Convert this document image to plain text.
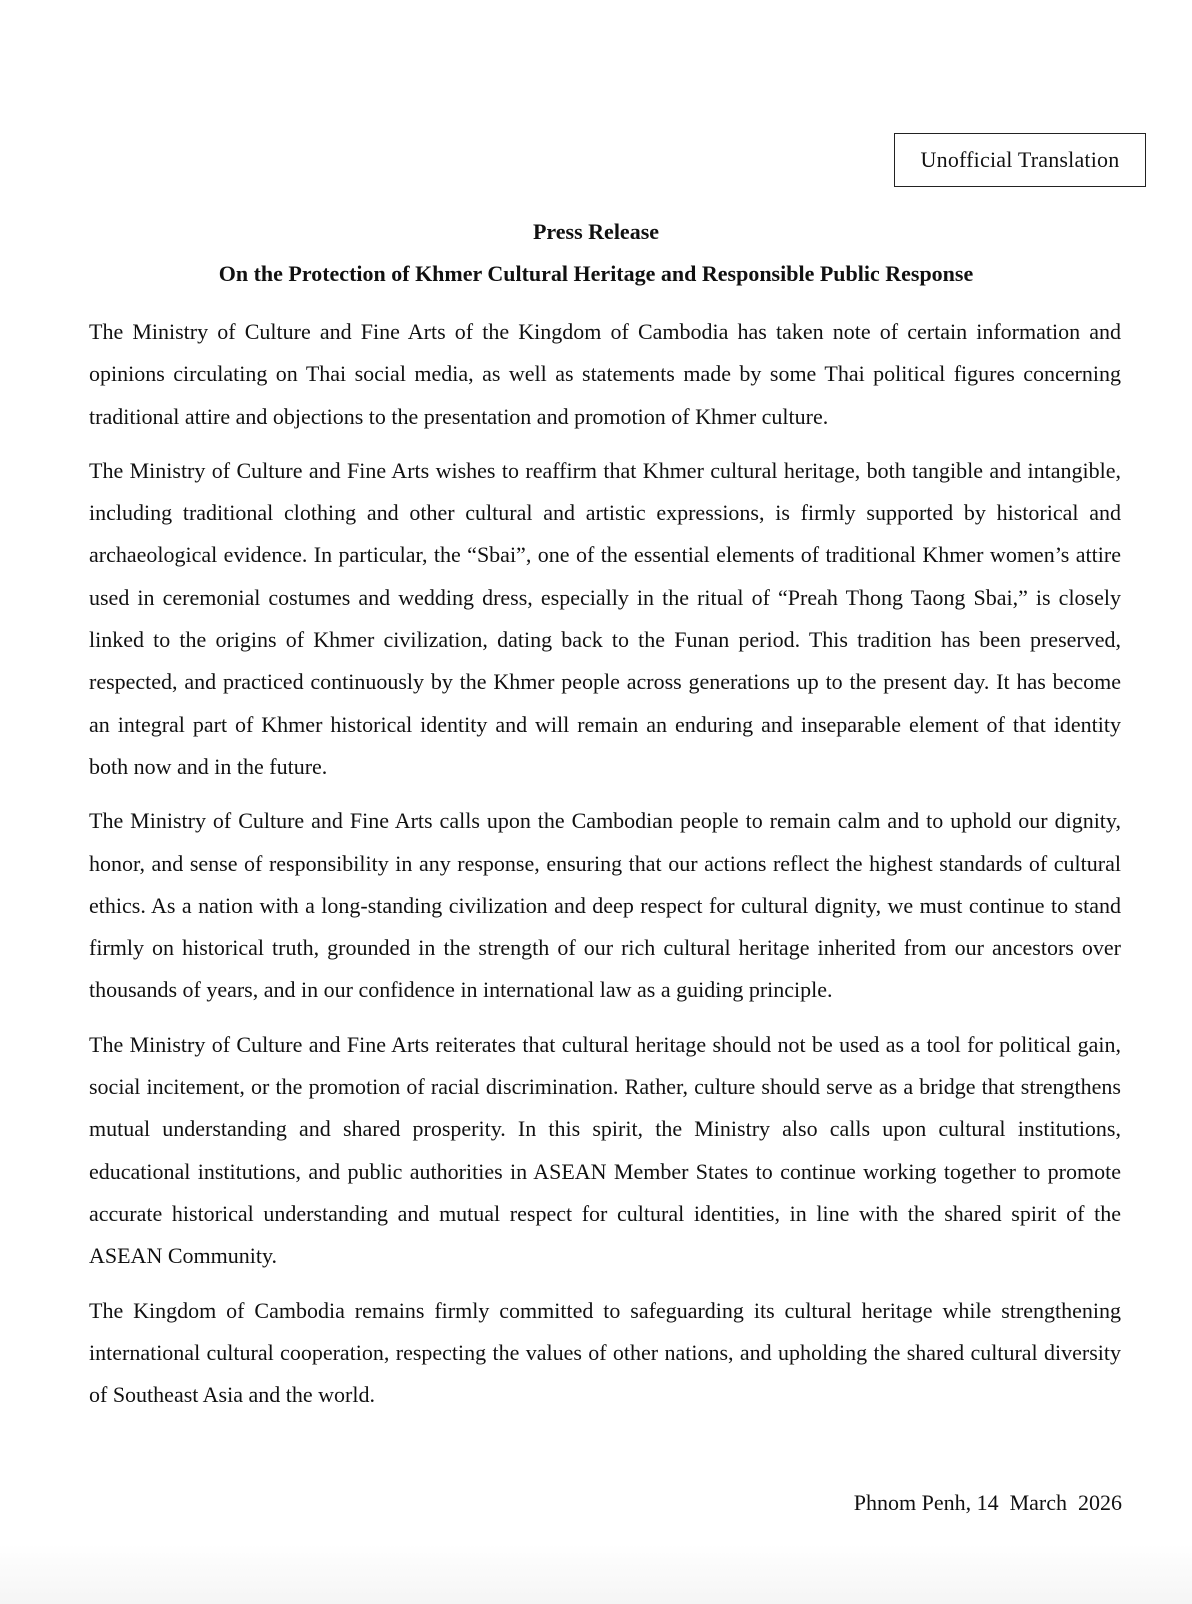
Unofficial Translation
Press Release
On the Protection of Khmer Cultural Heritage and Responsible Public Response

The Ministry of Culture and Fine Arts of the Kingdom of Cambodia has taken note of certain information and opinions circulating on Thai social media, as well as statements made by some Thai political figures concerning traditional attire and objections to the presentation and promotion of Khmer culture.

The Ministry of Culture and Fine Arts wishes to reaffirm that Khmer cultural heritage, both tangible and intangible, including traditional clothing and other cultural and artistic expressions, is firmly supported by historical and archaeological evidence. In particular, the “Sbai”, one of the essential elements of traditional Khmer women’s attire used in ceremonial costumes and wedding dress, especially in the ritual of “Preah Thong Taong Sbai,” is closely linked to the origins of Khmer civilization, dating back to the Funan period. This tradition has been preserved, respected, and practiced continuously by the Khmer people across generations up to the present day. It has become an integral part of Khmer historical identity and will remain an enduring and inseparable element of that identity both now and in the future.

The Ministry of Culture and Fine Arts calls upon the Cambodian people to remain calm and to uphold our dignity, honor, and sense of responsibility in any response, ensuring that our actions reflect the highest standards of cultural ethics. As a nation with a long-standing civilization and deep respect for cultural dignity, we must continue to stand firmly on historical truth, grounded in the strength of our rich cultural heritage inherited from our ancestors over thousands of years, and in our confidence in international law as a guiding principle.

The Ministry of Culture and Fine Arts reiterates that cultural heritage should not be used as a tool for political gain, social incitement, or the promotion of racial discrimination. Rather, culture should serve as a bridge that strengthens mutual understanding and shared prosperity. In this spirit, the Ministry also calls upon cultural institutions, educational institutions, and public authorities in ASEAN Member States to continue working together to promote accurate historical understanding and mutual respect for cultural identities, in line with the shared spirit of the ASEAN Community.

The Kingdom of Cambodia remains firmly committed to safeguarding its cultural heritage while strengthening international cultural cooperation, respecting the values of other nations, and upholding the shared cultural diversity of Southeast Asia and the world.

Phnom Penh, 14  March  2026
